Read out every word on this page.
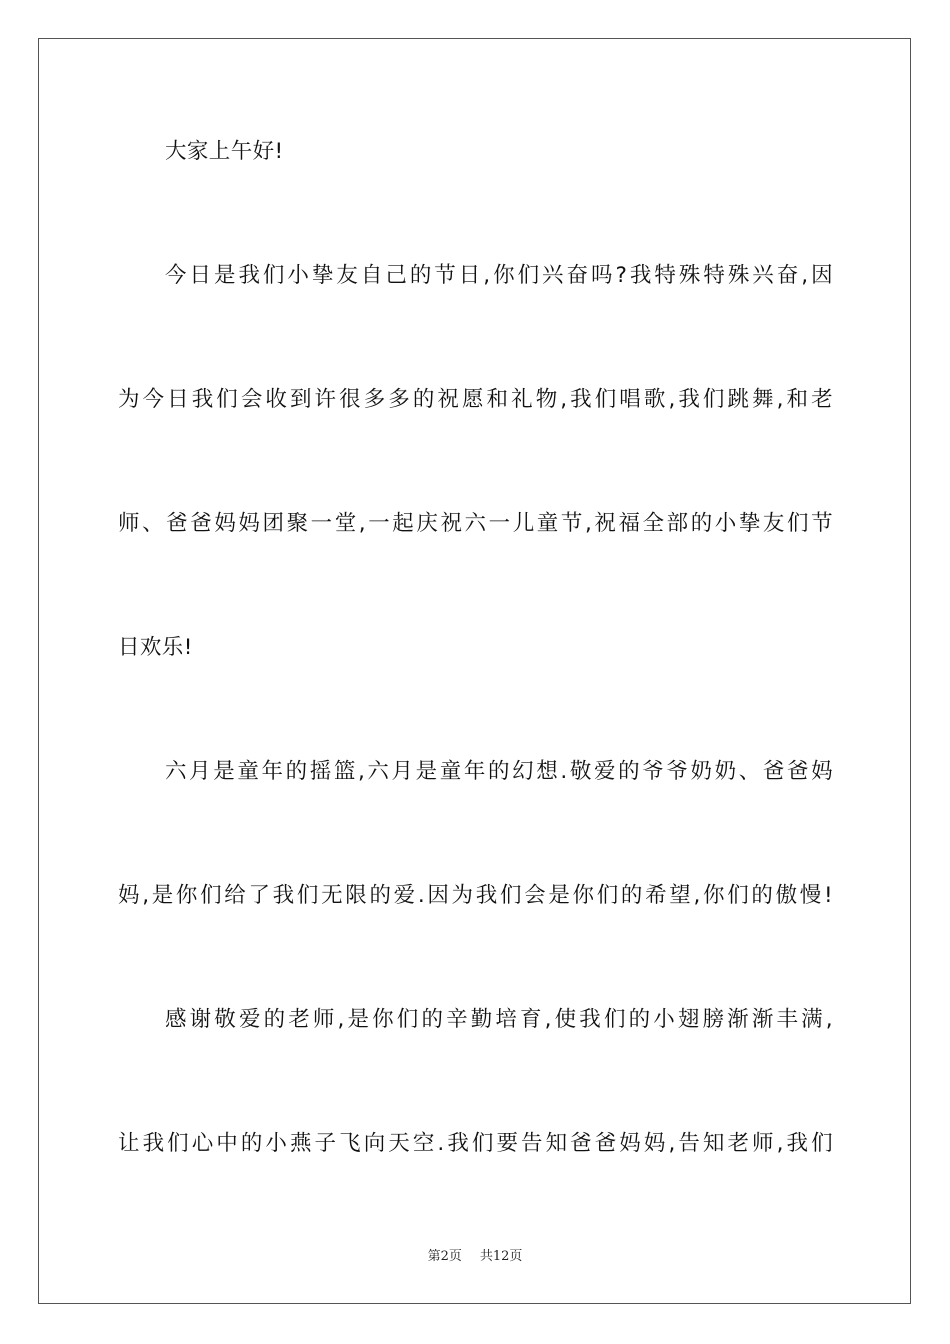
大家上午好!
今日是我们小挚友自己的节日,你们兴奋吗?我特殊特殊兴奋,因
为今日我们会收到许很多多的祝愿和礼物,我们唱歌,我们跳舞,和老
师、爸爸妈妈团聚一堂,一起庆祝六一儿童节,祝福全部的小挚友们节
日欢乐!
六月是童年的摇篮,六月是童年的幻想.敬爱的爷爷奶奶、爸爸妈
妈,是你们给了我们无限的爱.因为我们会是你们的希望,你们的傲慢!
感谢敬爱的老师,是你们的辛勤培育,使我们的小翅膀渐渐丰满,
让我们心中的小燕子飞向天空.我们要告知爸爸妈妈,告知老师,我们
第2页 共12页
